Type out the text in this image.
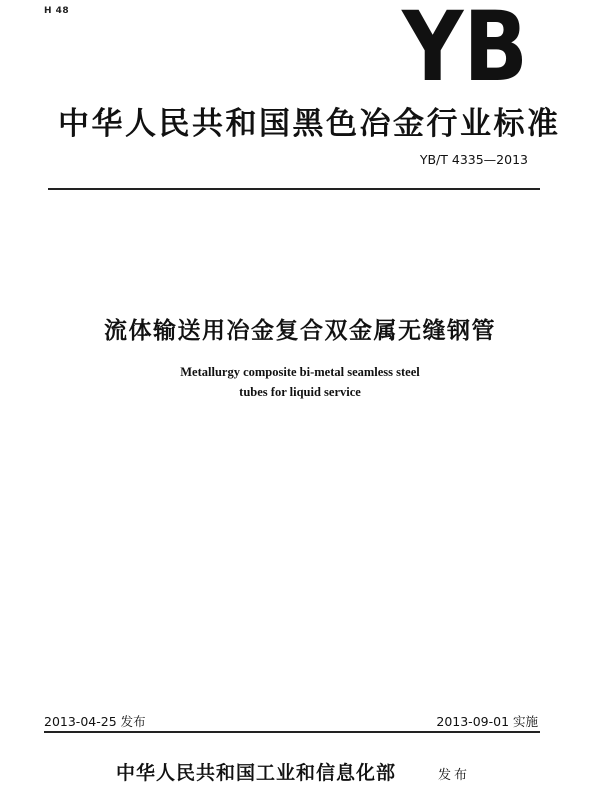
H 48	YB
中华人民共和国黑色冶金行业标准
YB/T 4335—2013
流体输送用冶金复合双金属无缝钢管
Metallurgy composite bi-metal seamless steel
tubes for liquid service
2013-04-25 发布	2013-09-01 实施
中华人民共和国工业和信息化部	发布
